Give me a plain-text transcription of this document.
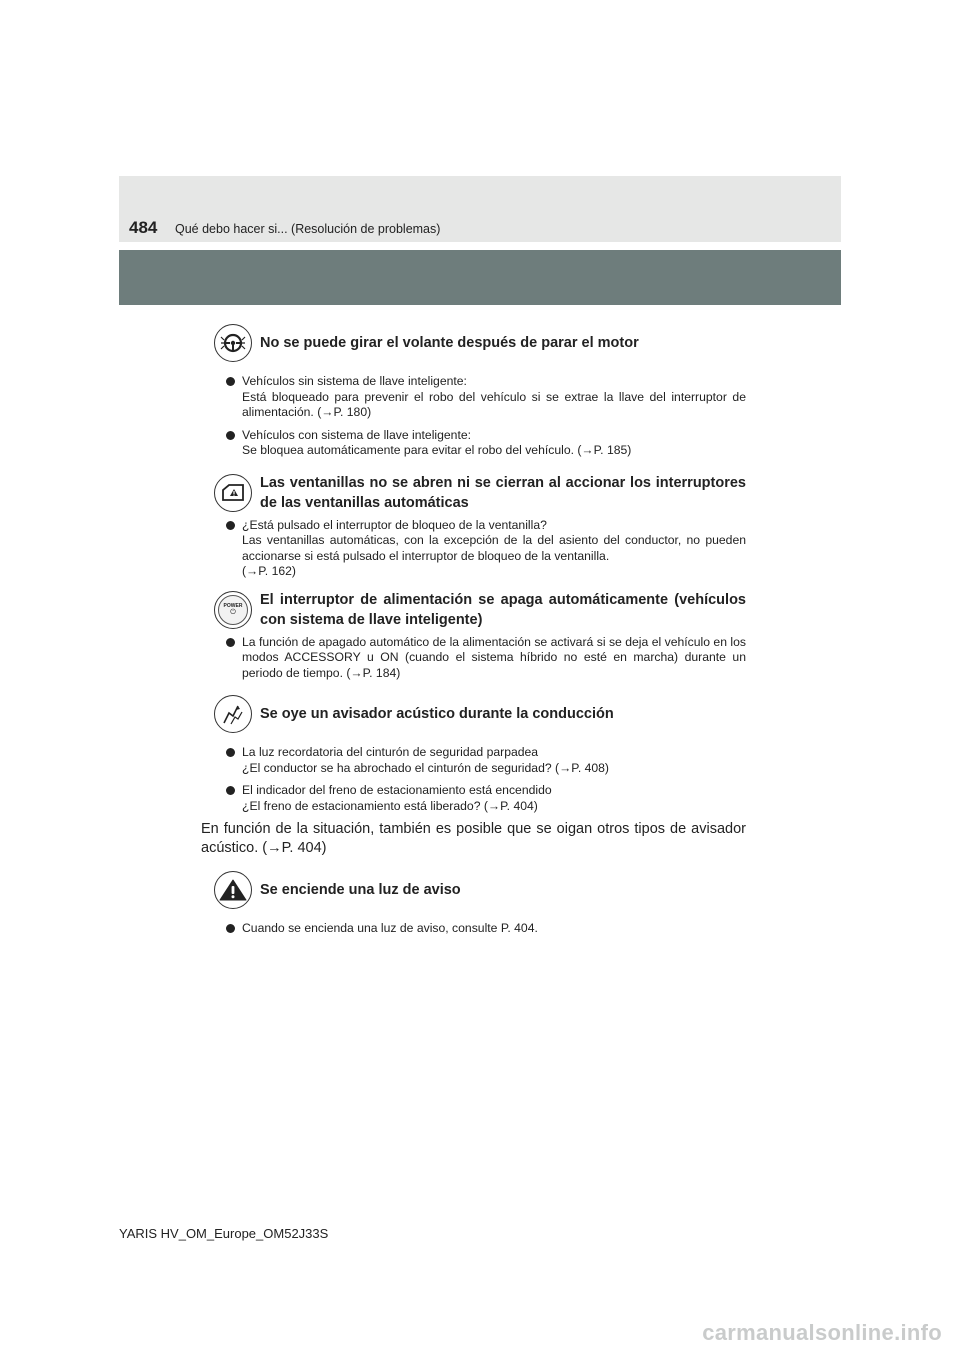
484 Qué debo hacer si... (Resolución de problemas)
No se puede girar el volante después de parar el motor
Vehículos sin sistema de llave inteligente:
Está bloqueado para prevenir el robo del vehículo si se extrae la llave del interruptor de alimentación. (→P. 180)
Vehículos con sistema de llave inteligente:
Se bloquea automáticamente para evitar el robo del vehículo. (→P. 185)
Las ventanillas no se abren ni se cierran al accionar los interruptores de las ventanillas automáticas
¿Está pulsado el interruptor de bloqueo de la ventanilla?
Las ventanillas automáticas, con la excepción de la del asiento del conductor, no pueden accionarse si está pulsado el interruptor de bloqueo de la ventanilla.
(→P. 162)
POWER
⏻
El interruptor de alimentación se apaga automáticamente (vehículos con sistema de llave inteligente)
La función de apagado automático de la alimentación se activará si se deja el vehículo en los modos ACCESSORY u ON (cuando el sistema híbrido no esté en marcha) durante un periodo de tiempo. (→P. 184)
Se oye un avisador acústico durante la conducción
La luz recordatoria del cinturón de seguridad parpadea
¿El conductor se ha abrochado el cinturón de seguridad? (→P. 408)
El indicador del freno de estacionamiento está encendido
¿El freno de estacionamiento está liberado? (→P. 404)
En función de la situación, también es posible que se oigan otros tipos de avisador acústico. (→P. 404)
Se enciende una luz de aviso
Cuando se encienda una luz de aviso, consulte P. 404.
YARIS HV_OM_Europe_OM52J33S
carmanualsonline.info
